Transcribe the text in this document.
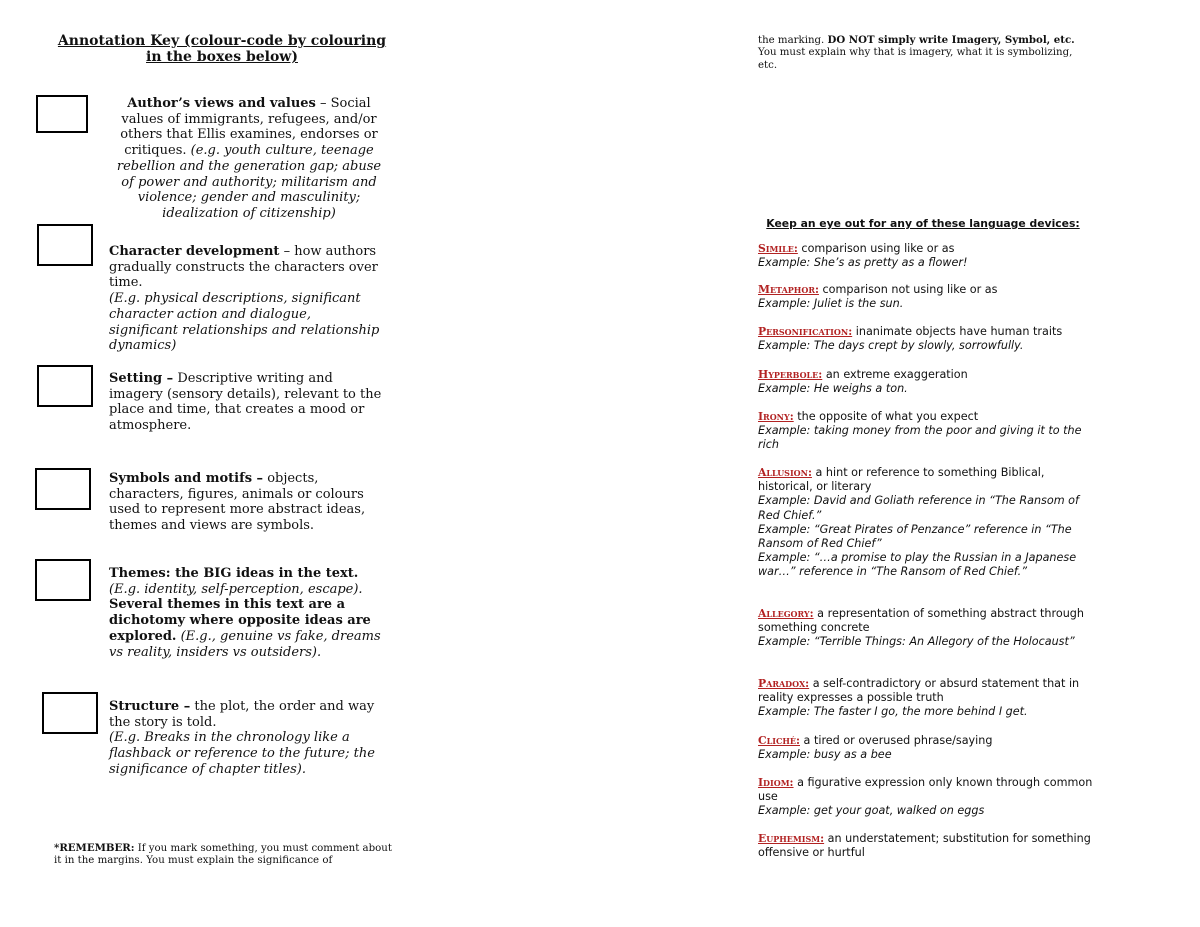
Annotation Key (colour-code by colouring in the boxes below)
Author’s views and values – Social values of immigrants, refugees, and/or others that Ellis examines, endorses or critiques. (e.g. youth culture, teenage rebellion and the generation gap; abuse of power and authority; militarism and violence; gender and masculinity; idealization of citizenship)
Character development – how authors gradually constructs the characters over time.
(E.g. physical descriptions, significant character action and dialogue, significant relationships and relationship dynamics)
Setting – Descriptive writing and imagery (sensory details), relevant to the place and time, that creates a mood or atmosphere.
Symbols and motifs – objects, characters, figures, animals or colours used to represent more abstract ideas, themes and views are symbols.
Themes: the BIG ideas in the text.
(E.g. identity, self-perception, escape). Several themes in this text are a dichotomy where opposite ideas are explored. (E.g., genuine vs fake, dreams vs reality, insiders vs outsiders).
Structure – the plot, the order and way the story is told.
(E.g. Breaks in the chronology like a flashback or reference to the future; the significance of chapter titles).
*REMEMBER: If you mark something, you must comment about it in the margins. You must explain the significance of
the marking. DO NOT simply write Imagery, Symbol, etc. You must explain why that is imagery, what it is symbolizing, etc.
Keep an eye out for any of these language devices:
Simile: comparison using like or as
Example: She’s as pretty as a flower!
Metaphor: comparison not using like or as
Example: Juliet is the sun.
Personification: inanimate objects have human traits
Example: The days crept by slowly, sorrowfully.
Hyperbole: an extreme exaggeration
Example: He weighs a ton.
Irony: the opposite of what you expect
Example: taking money from the poor and giving it to the rich
Allusion: a hint or reference to something Biblical, historical, or literary
Example: David and Goliath reference in “The Ransom of Red Chief.”
Example: “Great Pirates of Penzance” reference in “The Ransom of Red Chief”
Example: “…a promise to play the Russian in a Japanese war…” reference in “The Ransom of Red Chief.”
Allegory: a representation of something abstract through something concrete
Example: “Terrible Things: An Allegory of the Holocaust”
Paradox: a self-contradictory or absurd statement that in reality expresses a possible truth
Example: The faster I go, the more behind I get.
Cliché: a tired or overused phrase/saying
Example: busy as a bee
Idiom: a figurative expression only known through common use
Example: get your goat, walked on eggs
Euphemism: an understatement; substitution for something offensive or hurtful
